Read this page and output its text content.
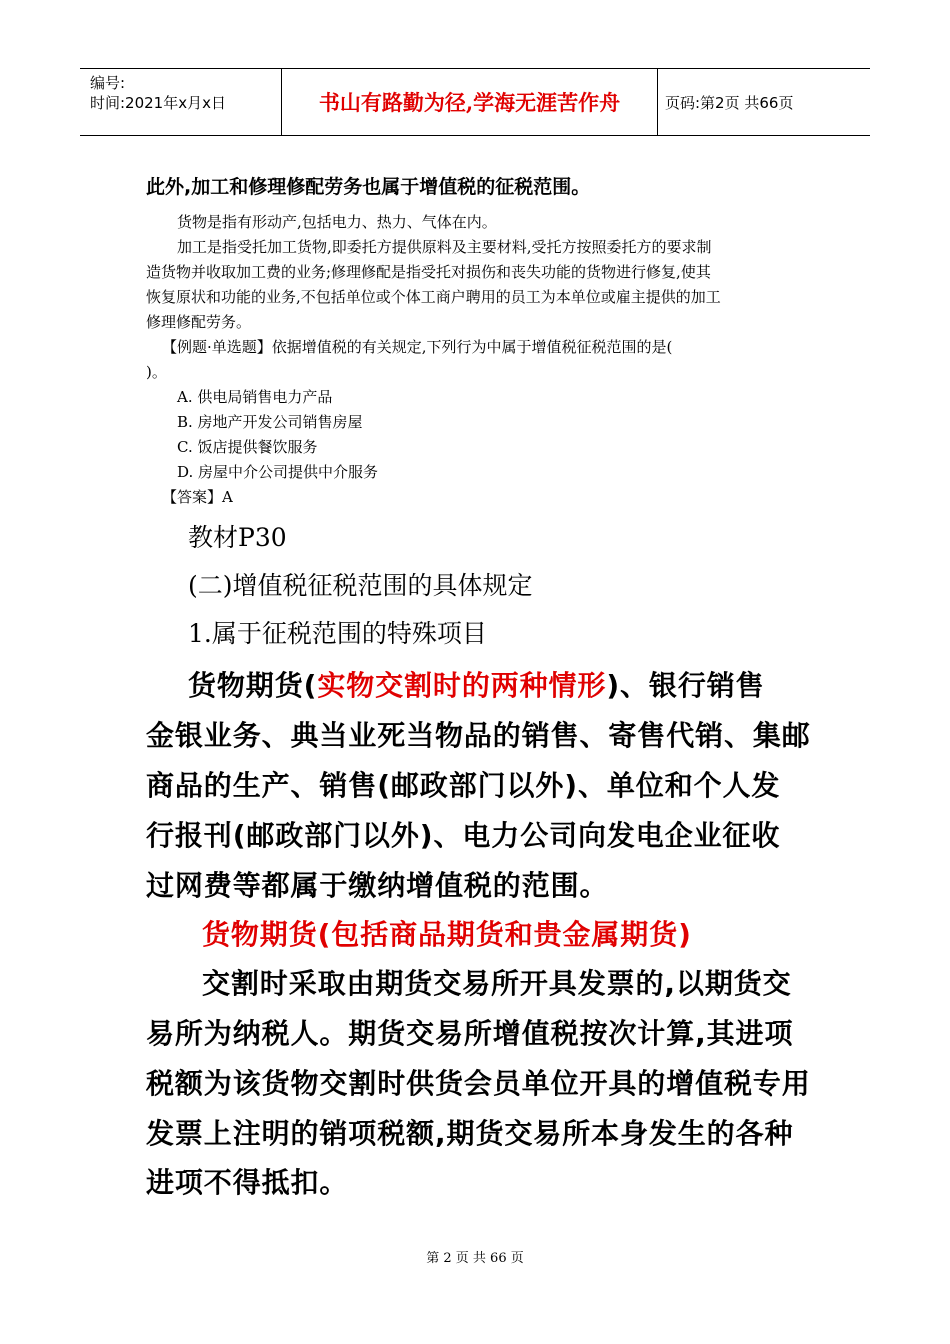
编号:
时间:2021年x月x日	书山有路勤为径,学海无涯苦作舟	页码:第2页 共66页
此外,加工和修理修配劳务也属于增值税的征税范围。
货物是指有形动产,包括电力、热力、气体在内。
加工是指受托加工货物,即委托方提供原料及主要材料,受托方按照委托方的要求制
造货物并收取加工费的业务;修理修配是指受托对损伤和丧失功能的货物进行修复,使其
恢复原状和功能的业务,不包括单位或个体工商户聘用的员工为本单位或雇主提供的加工
修理修配劳务。
【例题·单选题】依据增值税的有关规定,下列行为中属于增值税征税范围的是(
)。
A. 供电局销售电力产品
B. 房地产开发公司销售房屋
C. 饭店提供餐饮服务
D. 房屋中介公司提供中介服务
【答案】A
教材P30
(二)增值税征税范围的具体规定
1.属于征税范围的特殊项目
货物期货(实物交割时的两种情形)、银行销售
金银业务、典当业死当物品的销售、寄售代销、集邮
商品的生产、销售(邮政部门以外)、单位和个人发
行报刊(邮政部门以外)、电力公司向发电企业征收
过网费等都属于缴纳增值税的范围。
货物期货(包括商品期货和贵金属期货)
交割时采取由期货交易所开具发票的,以期货交
易所为纳税人。期货交易所增值税按次计算,其进项
税额为该货物交割时供货会员单位开具的增值税专用
发票上注明的销项税额,期货交易所本身发生的各种
进项不得抵扣。
第 2 页 共 66 页
